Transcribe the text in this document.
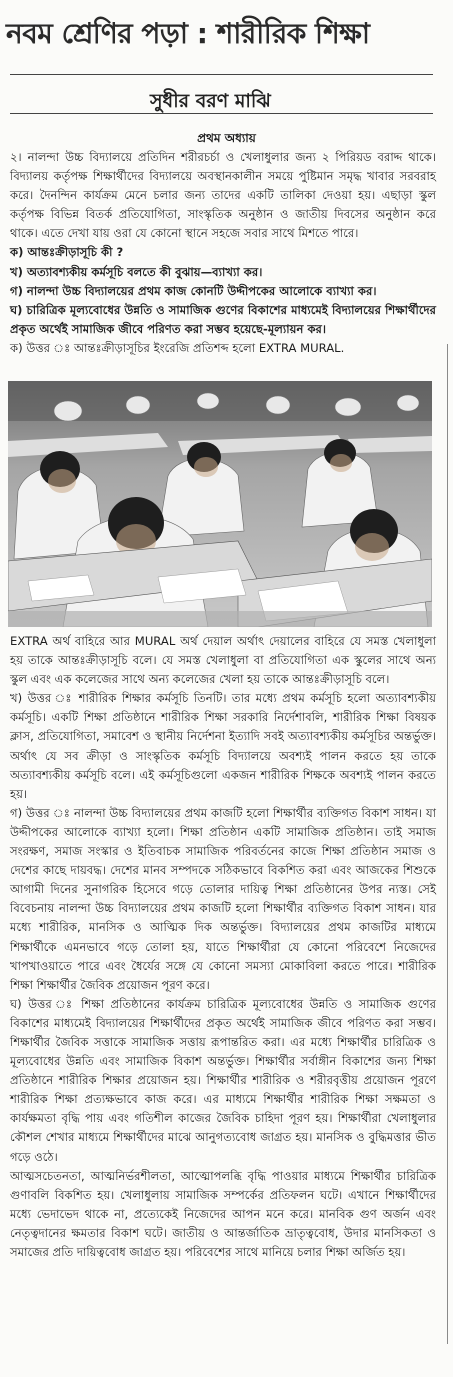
নবম শ্রেণির পড়া : শারীরিক শিক্ষা
সুধীর বরণ মাঝি
প্রথম অধ্যায়

২। নালন্দা উচ্চ বিদ্যালয়ে প্রতিদিন শরীরচর্চা ও খেলাধুলার জন্য ২ পিরিয়ড বরাদ্দ থাকে। বিদ্যালয় কর্তৃপক্ষ শিক্ষার্থীদের বিদ্যালয়ে অবস্থানকালীন সময়ে পুষ্টিমান সমৃদ্ধ খাবার সরবরাহ করে। দৈনন্দিন কার্যক্রম মেনে চলার জন্য তাদের একটি তালিকা দেওয়া হয়। এছাড়া স্কুল কর্তৃপক্ষ বিভিন্ন বিতর্ক প্রতিযোগিতা, সাংস্কৃতিক অনুষ্ঠান ও জাতীয় দিবসের অনুষ্ঠান করে থাকে। এতে দেখা যায় ওরা যে কোনো স্থানে সহজে সবার সাথে মিশতে পারে।

ক) আন্তঃক্রীড়াসূচি কী ?

খ) অত্যাবশ্যকীয় কর্মসূচি বলতে কী বুঝায়—ব্যাখ্যা কর।

গ) নালন্দা উচ্চ বিদ্যালয়ের প্রথম কাজ কোনটি উদ্দীপকের আলোকে ব্যাখ্যা কর।

ঘ) চারিত্রিক মূল্যবোধের উন্নতি ও সামাজিক গুণের বিকাশের মাধ্যমেই বিদ্যালয়ের শিক্ষার্থীদের প্রকৃত অর্থেই সামাজিক জীবে পরিণত করা সম্ভব হয়েছে-মূল্যায়ন কর।

ক) উত্তর ঃ আন্তঃক্রীড়াসূচির ইংরেজি প্রতিশব্দ হলো EXTRA MURAL.

EXTRA অর্থ বাহিরে আর MURAL অর্থ দেয়াল অর্থাৎ দেয়ালের বাহিরে যে সমস্ত খেলাধুলা হয় তাকে আন্তঃক্রীড়াসূচি বলে। যে সমস্ত খেলাধুলা বা প্রতিযোগিতা এক স্কুলের সাথে অন্য স্কুল এবং এক কলেজের সাথে অন্য কলেজের খেলা হয় তাকে আন্তঃক্রীড়াসূচি বলে।

খ) উত্তর ঃ শারীরিক শিক্ষার কর্মসূচি তিনটি। তার মধ্যে প্রথম কর্মসূচি হলো অত্যাবশ্যকীয় কর্মসূচি। একটি শিক্ষা প্রতিষ্ঠানে শারীরিক শিক্ষা সরকারি নির্দেশাবলি, শারীরিক শিক্ষা বিষয়ক ক্লাস, প্রতিযোগিতা, সমাবেশ ও স্থানীয় নির্দেশনা ইত্যাদি সবই অত্যাবশ্যকীয় কর্মসূচির অন্তর্ভুক্ত। অর্থাৎ যে সব ক্রীড়া ও সাংস্কৃতিক কর্মসূচি বিদ্যালয়ে অবশ্যই পালন করতে হয় তাকে অত্যাবশ্যকীয় কর্মসূচি বলে। এই কর্মসূচিগুলো একজন শারীরিক শিক্ষকে অবশ্যই পালন করতে হয়।

গ) উত্তর ঃ নালন্দা উচ্চ বিদ্যালয়ের প্রথম কাজটি হলো শিক্ষার্থীর ব্যক্তিগত বিকাশ সাধন। যা উদ্দীপকের আলোকে ব্যাখ্যা হলো। শিক্ষা প্রতিষ্ঠান একটি সামাজিক প্রতিষ্ঠান। তাই সমাজ সংরক্ষণ, সমাজ সংস্কার ও ইতিবাচক সামাজিক পরিবর্তনের কাজে শিক্ষা প্রতিষ্ঠান সমাজ ও দেশের কাছে দায়বদ্ধ। দেশের মানব সম্পদকে সঠিকভাবে বিকশিত করা এবং আজকের শিশুকে আগামী দিনের সুনাগরিক হিসেবে গড়ে তোলার দায়িত্ব শিক্ষা প্রতিষ্ঠানের উপর ন্যস্ত। সেই বিবেচনায় নালন্দা উচ্চ বিদ্যালয়ের প্রথম কাজটি হলো শিক্ষার্থীর ব্যক্তিগত বিকাশ সাধন। যার মধ্যে শারীরিক, মানসিক ও আত্মিক দিক অন্তর্ভুক্ত। বিদ্যালয়ের প্রথম কাজটির মাধ্যমে শিক্ষার্থীকে এমনভাবে গড়ে তোলা হয়, যাতে শিক্ষার্থীরা যে কোনো পরিবেশে নিজেদের খাপখাওয়াতে পারে এবং ধৈর্যের সঙ্গে যে কোনো সমস্যা মোকাবিলা করতে পারে। শারীরিক শিক্ষা শিক্ষার্থীর জৈবিক প্রয়োজন পূরণ করে।

ঘ) উত্তর ঃ শিক্ষা প্রতিষ্ঠানের কার্যক্রম চারিত্রিক মূল্যবোধের উন্নতি ও সামাজিক গুণের বিকাশের মাধ্যমেই বিদ্যালয়ের শিক্ষার্থীদের প্রকৃত অর্থেই সামাজিক জীবে পরিণত করা সম্ভব। শিক্ষার্থীর জৈবিক সত্তাকে সামাজিক সত্তায় রূপান্তরিত করা। এর মধ্যে শিক্ষার্থীর চারিত্রিক ও মূল্যবোধের উন্নতি এবং সামাজিক বিকাশ অন্তর্ভুক্ত। শিক্ষার্থীর সর্বাঙ্গীন বিকাশের জন্য শিক্ষা প্রতিষ্ঠানে শারীরিক শিক্ষার প্রয়োজন হয়। শিক্ষার্থীর শারীরিক ও শরীরবৃত্তীয় প্রয়োজন পূরণে শারীরিক শিক্ষা প্রত্যক্ষভাবে কাজ করে। এর মাধ্যমে শিক্ষার্থীর শারীরিক শিক্ষা সক্ষমতা ও কার্যক্ষমতা বৃদ্ধি পায় এবং গতিশীল কাজের জৈবিক চাহিদা পূরণ হয়। শিক্ষার্থীরা খেলাধুলার কৌশল শেখার মাধ্যমে শিক্ষার্থীদের মাঝে আনুগত্যবোধ জাগ্রত হয়। মানসিক ও বুদ্ধিমত্তার ভীত গড়ে ওঠে।

আত্মসচেতনতা, আত্মনির্ভরশীলতা, আত্মোপলব্ধি বৃদ্ধি পাওয়ার মাধ্যমে শিক্ষার্থীর চারিত্রিক গুণাবলি বিকশিত হয়। খেলাধুলায় সামাজিক সম্পর্কের প্রতিফলন ঘটে। এখানে শিক্ষার্থীদের মধ্যে ভেদাভেদ থাকে না, প্রত্যেকেই নিজেদের আপন মনে করে। মানবিক গুণ অর্জন এবং নেতৃত্বদানের ক্ষমতার বিকাশ ঘটে। জাতীয় ও আন্তর্জাতিক ভ্রাতৃত্ববোধ, উদার মানসিকতা ও সমাজের প্রতি দায়িত্ববোধ জাগ্রত হয়। পরিবেশের সাথে মানিয়ে চলার শিক্ষা অর্জিত হয়।
